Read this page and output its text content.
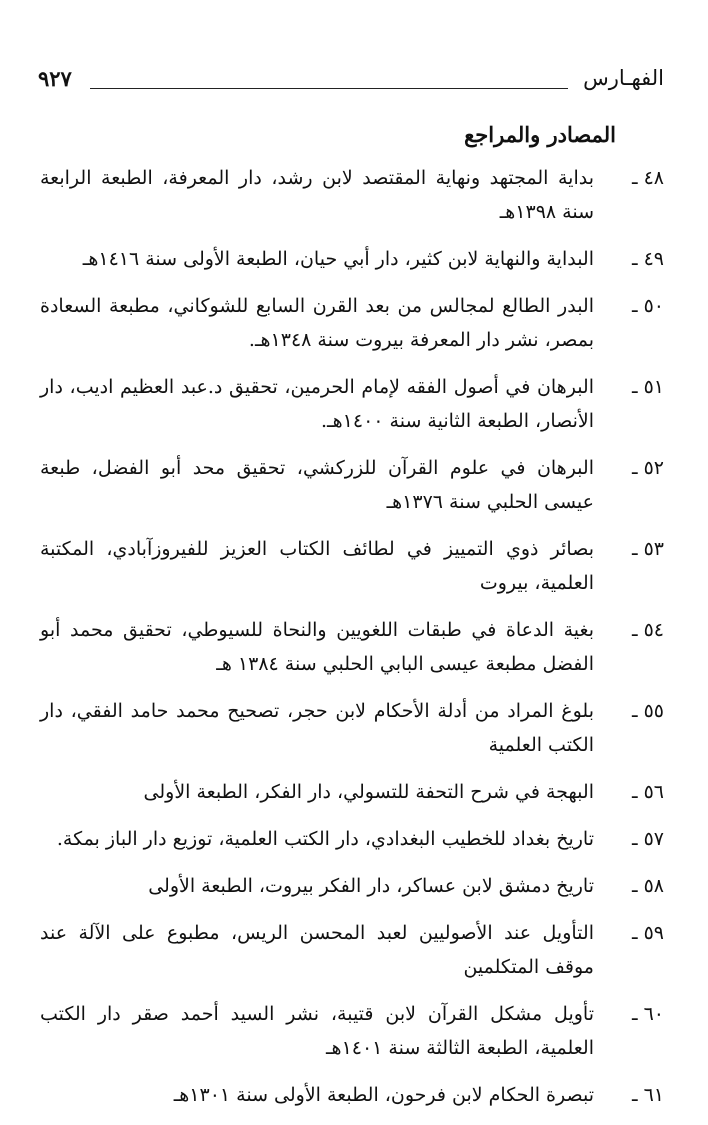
الفهـارس
٩٢٧
المصادر والمراجع
٤٨ ـ
بداية المجتهد ونهاية المقتصد لابن رشد، دار المعرفة، الطبعة الرابعة سنة ١٣٩٨هـ
٤٩ ـ
البداية والنهاية لابن كثير، دار أبي حيان، الطبعة الأولى سنة ١٤١٦هـ
٥٠ ـ
البدر الطالع لمجالس من بعد القرن السابع للشوكاني، مطبعة السعادة بمصر، نشر دار المعرفة بيروت سنة ١٣٤٨هـ.
٥١ ـ
البرهان في أصول الفقه لإمام الحرمين، تحقيق د.عبد العظيم اديب، دار الأنصار، الطبعة الثانية سنة ١٤٠٠هـ.
٥٢ ـ
البرهان في علوم القرآن للزركشي، تحقيق محد أبو الفضل، طبعة عيسى الحلبي سنة ١٣٧٦هـ
٥٣ ـ
بصائر ذوي التمييز في لطائف الكتاب العزيز للفيروزآبادي، المكتبة العلمية، بيروت
٥٤ ـ
بغية الدعاة في طبقات اللغويين والنحاة للسيوطي، تحقيق محمد أبو الفضل مطبعة عيسى البابي الحلبي سنة ١٣٨٤ هـ
٥٥ ـ
بلوغ المراد من أدلة الأحكام لابن حجر، تصحيح محمد حامد الفقي، دار الكتب العلمية
٥٦ ـ
البهجة في شرح التحفة للتسولي، دار الفكر، الطبعة الأولى
٥٧ ـ
تاريخ بغداد للخطيب البغدادي، دار الكتب العلمية، توزيع دار الباز بمكة.
٥٨ ـ
تاريخ دمشق لابن عساكر، دار الفكر بيروت، الطبعة الأولى
٥٩ ـ
التأويل عند الأصوليين لعبد المحسن الريس، مطبوع على الآلة عند موقف المتكلمين
٦٠ ـ
تأويل مشكل القرآن لابن قتيبة، نشر السيد أحمد صقر دار الكتب العلمية، الطبعة الثالثة سنة ١٤٠١هـ
٦١ ـ
تبصرة الحكام لابن فرحون، الطبعة الأولى سنة ١٣٠١هـ
